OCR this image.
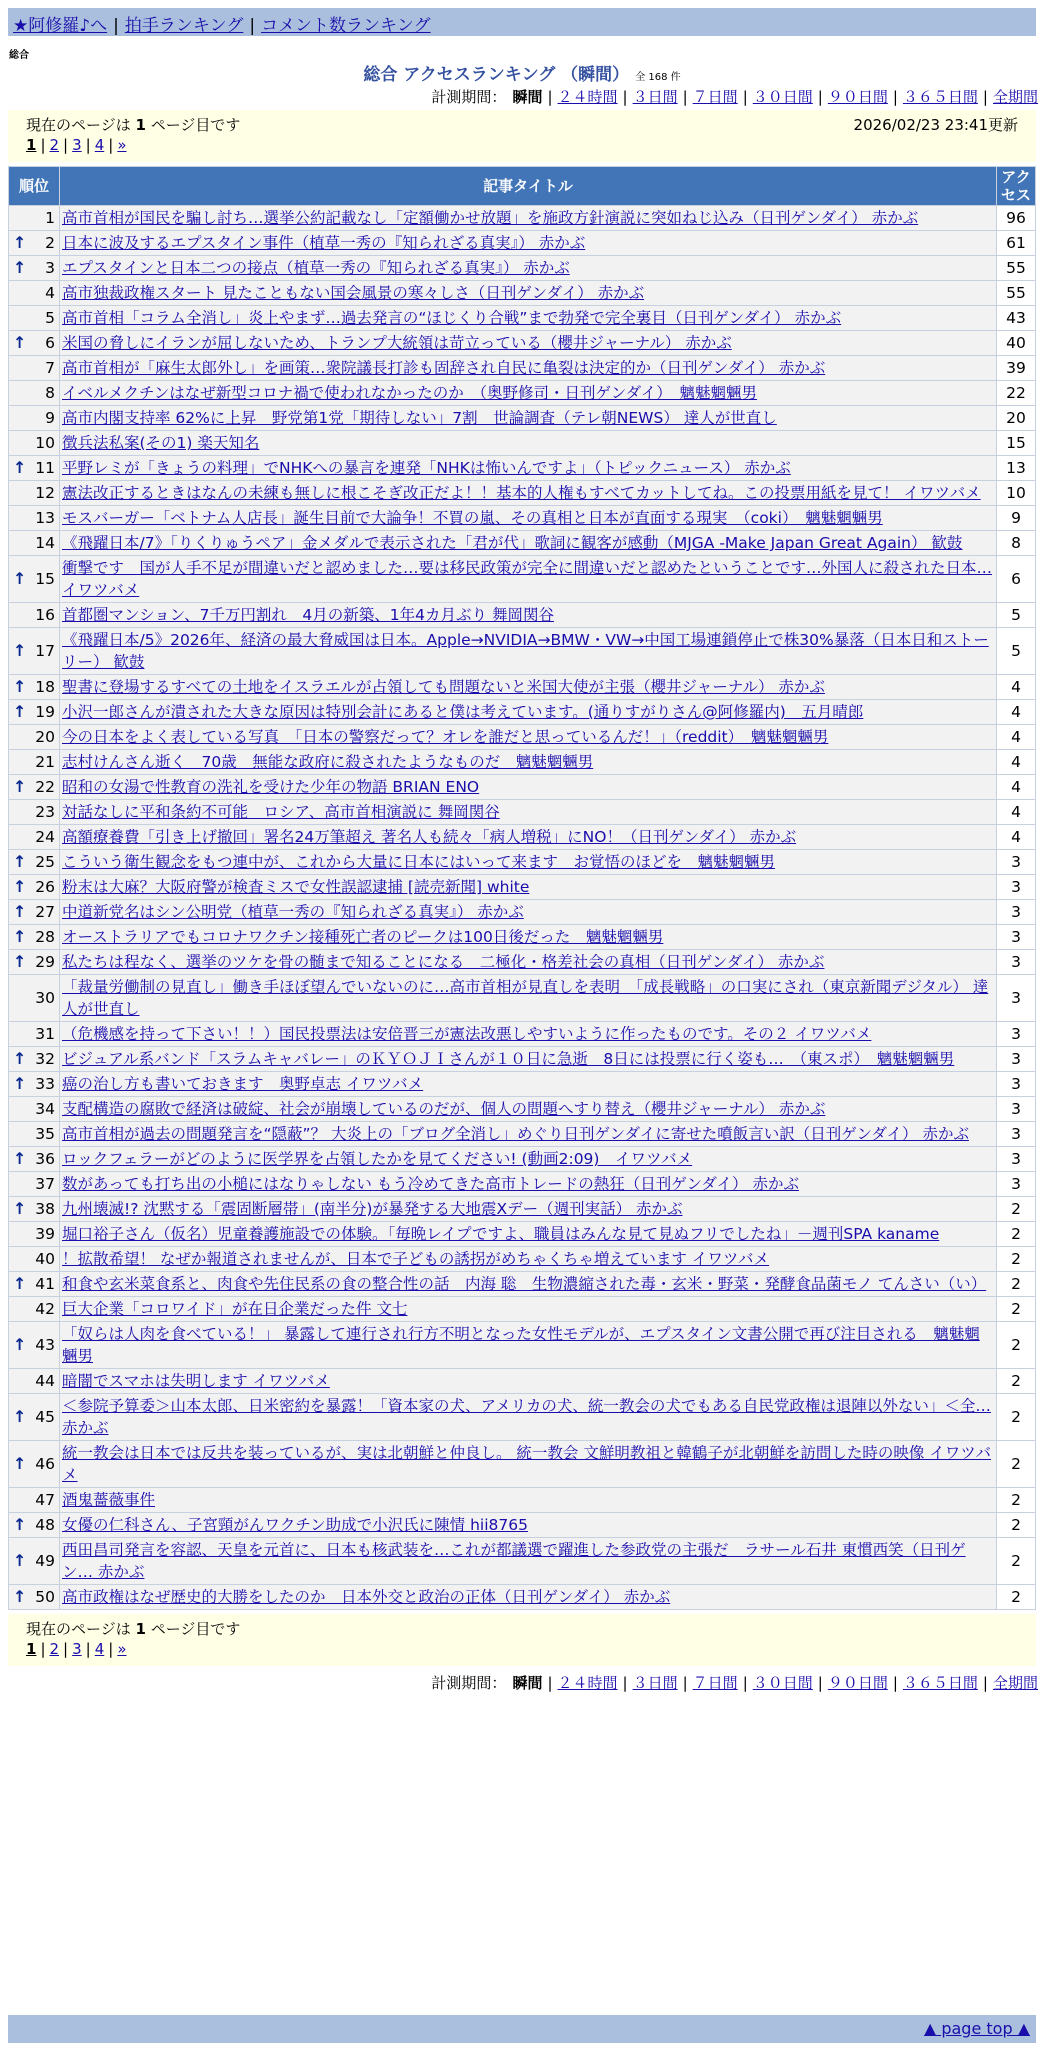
★阿修羅♪へ | 拍手ランキング | コメント数ランキング
総合
総合 アクセスランキング （瞬間） 全 168 件
計測期間： 瞬間 | ２４時間 | ３日間 | ７日間 | ３０日間 | ９０日間 | ３６５日間 | 全期間
現在のページは 1 ページ目です	2026/02/23 23:41更新
1 | 2 | 3 | 4 | »
順位	記事タイトル	アクセス
1	高市首相が国民を騙し討ち…選挙公約記載なし「定額働かせ放題」を施政方針演説に突如ねじ込み（日刊ゲンダイ） 赤かぶ	96

↑ 2	日本に波及するエプスタイン事件（植草一秀の『知られざる真実』） 赤かぶ	61

↑ 3	エプスタインと日本二つの接点（植草一秀の『知られざる真実』） 赤かぶ	55
4	高市独裁政権スタート 見たこともない国会風景の寒々しさ（日刊ゲンダイ） 赤かぶ	55
5	高市首相「コラム全消し」炎上やまず…過去発言の“ほじくり合戦”まで勃発で完全裏目（日刊ゲンダイ） 赤かぶ	43

↑ 6	米国の脅しにイランが屈しないため、トランプ大統領は苛立っている（櫻井ジャーナル） 赤かぶ	40
7	高市首相が「麻生太郎外し」を画策…衆院議長打診も固辞され自民に亀裂は決定的か（日刊ゲンダイ） 赤かぶ	39
8	イベルメクチンはなぜ新型コロナ禍で使われなかったのか　（奥野修司・日刊ゲンダイ）　魑魅魍魎男	22
9	高市内閣支持率 62%に上昇　野党第1党「期待しない」7割　世論調査（テレ朝NEWS） 達人が世直し	20
10	徴兵法私案(その1) 楽天知名	15

↑ 11	平野レミが「きょうの料理」でNHKへの暴言を連発「NHKは怖いんですよ」（トピックニュース） 赤かぶ	13
12	憲法改正するときはなんの未練も無しに根こそぎ改正だよ！！基本的人権もすべてカットしてね。この投票用紙を見て！ イワツバメ	10
13	モスバーガー「ベトナム人店長」誕生目前で大論争！不買の嵐、その真相と日本が直面する現実　（coki）　魑魅魍魎男	9
14	《飛躍日本/7》「りくりゅうペア」金メダルで表示された「君が代」歌詞に観客が感動（MJGA -Make Japan Great Again） 歓鼓	8

↑ 15	衝撃です　国が人手不足が間違いだと認めました…要は移民政策が完全に間違いだと認めたということです…外国人に殺された日本… イワツバメ	6
16	首都圏マンション、7千万円割れ　4月の新築、1年4カ月ぶり 舞岡関谷	5

↑ 17	《飛躍日本/5》2026年、経済の最大脅威国は日本。Apple→NVIDIA→BMW・VW→中国工場連鎖停止で株30%暴落（日本日和ストーリー） 歓鼓	5

↑ 18	聖書に登場するすべての土地をイスラエルが占領しても問題ないと米国大使が主張（櫻井ジャーナル） 赤かぶ	4

↑ 19	小沢一郎さんが潰された大きな原因は特別会計にあると僕は考えています。(通りすがりさん@阿修羅内)　五月晴郎	4
20	今の日本をよく表している写真　「日本の警察だって？オレを誰だと思っているんだ！」（reddit）　魑魅魍魎男	4
21	志村けんさん逝く　70歳　無能な政府に殺されたようなものだ　魑魅魍魎男	4

↑ 22	昭和の女湯で性教育の洗礼を受けた少年の物語 BRIAN ENO	4
23	対話なしに平和条約不可能　ロシア、高市首相演説に 舞岡関谷	4
24	高額療養費「引き上げ撤回」署名24万筆超え 著名人も続々「病人増税」にNO！（日刊ゲンダイ） 赤かぶ	4

↑ 25	こういう衛生観念をもつ連中が、これから大量に日本にはいって来ます　お覚悟のほどを　魑魅魍魎男	3

↑ 26	粉末は大麻？大阪府警が検査ミスで女性誤認逮捕 [読売新聞] white	3

↑ 27	中道新党名はシン公明党（植草一秀の『知られざる真実』） 赤かぶ	3

↑ 28	オーストラリアでもコロナワクチン接種死亡者のピークは100日後だった　魑魅魍魎男	3

↑ 29	私たちは程なく、選挙のツケを骨の髄まで知ることになる　二極化・格差社会の真相（日刊ゲンダイ） 赤かぶ	3
30	「裁量労働制の見直し」働き手ほぼ望んでいないのに…高市首相が見直しを表明　「成長戦略」の口実にされ（東京新聞デジタル） 達人が世直し	3
31	（危機感を持って下さい！！）国民投票法は安倍晋三が憲法改悪しやすいように作ったものです。その２ イワツバメ	3

↑ 32	ビジュアル系バンド「スラムキャバレー」のＫＹＯＪＩさんが１０日に急逝　8日には投票に行く姿も…　（東スポ）　魑魅魍魎男	3

↑ 33	癌の治し方も書いておきます　奥野卓志 イワツバメ	3
34	支配構造の腐敗で経済は破綻、社会が崩壊しているのだが、個人の問題へすり替え（櫻井ジャーナル） 赤かぶ	3
35	高市首相が過去の問題発言を“隠蔽”？ 大炎上の「ブログ全消し」めぐり日刊ゲンダイに寄せた噴飯言い訳（日刊ゲンダイ） 赤かぶ	3

↑ 36	ロックフェラーがどのように医学界を占領したかを見てください! (動画2:09)　イワツバメ	3
37	数があっても打ち出の小槌にはなりゃしない もう冷めてきた高市トレードの熱狂（日刊ゲンダイ） 赤かぶ	3

↑ 38	九州壊滅!? 沈黙する「震固断層帯」(南半分)が暴発する大地震Xデー（週刊実話） 赤かぶ	2
39	堀口裕子さん（仮名）児童養護施設での体験。「毎晩レイプですよ、職員はみんな見て見ぬフリでしたね」－週刊SPA kaname	2
40	！拡散希望！ なぜか報道されませんが、日本で子どもの誘拐がめちゃくちゃ増えています イワツバメ	2

↑ 41	和食や玄米菜食系と、肉食や先住民系の食の整合性の話　内海 聡　生物濃縮された毒・玄米・野菜・発酵食品菌モノ てんさい（い）	2
42	巨大企業「コロワイド」が在日企業だった件 文七	2

↑ 43	「奴らは人肉を食べている！」 暴露して連行され行方不明となった女性モデルが、エプスタイン文書公開で再び注目される　魑魅魍魎男	2
44	暗闇でスマホは失明します イワツバメ	2

↑ 45	＜参院予算委＞山本太郎、日米密約を暴露！「資本家の犬、アメリカの犬、統一教会の犬でもある自民党政権は退陣以外ない」＜全… 赤かぶ	2

↑ 46	統一教会は日本では反共を装っているが、実は北朝鮮と仲良し。 統一教会 文鮮明教祖と韓鶴子が北朝鮮を訪問した時の映像 イワツバメ	2
47	酒鬼薔薇事件	2

↑ 48	女優の仁科さん、子宮頸がんワクチン助成で小沢氏に陳情 hii8765	2

↑ 49	西田昌司発言を容認、天皇を元首に、日本も核武装を…これが都議選で躍進した参政党の主張だ　ラサール石井 東慣西笑（日刊ゲン… 赤かぶ	2

↑ 50	高市政権はなぜ歴史的大勝をしたのか　日本外交と政治の正体（日刊ゲンダイ） 赤かぶ	2
現在のページは 1 ページ目です
1 | 2 | 3 | 4 | »
計測期間： 瞬間 | ２４時間 | ３日間 | ７日間 | ３０日間 | ９０日間 | ３６５日間 | 全期間
▲ page top ▲
